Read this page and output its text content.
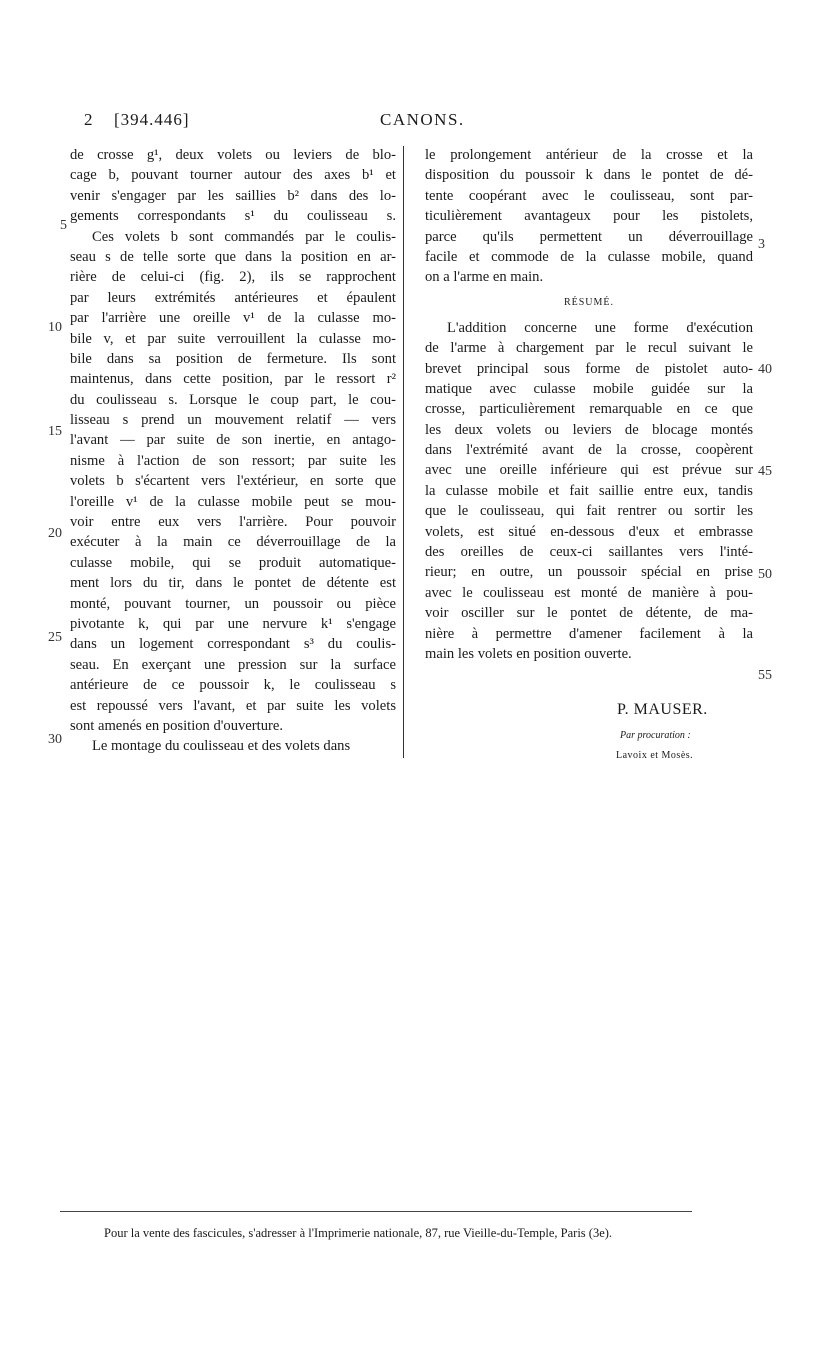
2 [394.446]	CANONS.
de crosse g¹, deux volets ou leviers de blo-
cage b, pouvant tourner autour des axes b¹ et
venir s'engager par les saillies b² dans des lo-
gements correspondants s¹ du coulisseau s.
Ces volets b sont commandés par le coulis-
seau s de telle sorte que dans la position en ar-
rière de celui-ci (fig. 2), ils se rapprochent
par leurs extrémités antérieures et épaulent
par l'arrière une oreille v¹ de la culasse mo-
bile v, et par suite verrouillent la culasse mo-
bile dans sa position de fermeture. Ils sont
maintenus, dans cette position, par le ressort r²
du coulisseau s. Lorsque le coup part, le cou-
lisseau s prend un mouvement relatif — vers
l'avant — par suite de son inertie, en antago-
nisme à l'action de son ressort; par suite les
volets b s'écartent vers l'extérieur, en sorte que
l'oreille v¹ de la culasse mobile peut se mou-
voir entre eux vers l'arrière. Pour pouvoir
exécuter à la main ce déverrouillage de la
culasse mobile, qui se produit automatique-
ment lors du tir, dans le pontet de détente est
monté, pouvant tourner, un poussoir ou pièce
pivotante k, qui par une nervure k¹ s'engage
dans un logement correspondant s³ du coulis-
seau. En exerçant une pression sur la surface
antérieure de ce poussoir k, le coulisseau s
est repoussé vers l'avant, et par suite les volets
sont amenés en position d'ouverture.
Le montage du coulisseau et des volets dans
le prolongement antérieur de la crosse et la
disposition du poussoir k dans le pontet de dé-
tente coopérant avec le coulisseau, sont par-
ticulièrement avantageux pour les pistolets,
parce qu'ils permettent un déverrouillage
facile et commode de la culasse mobile, quand
on a l'arme en main.
RÉSUMÉ.
L'addition concerne une forme d'exécution
de l'arme à chargement par le recul suivant le
brevet principal sous forme de pistolet auto-
matique avec culasse mobile guidée sur la
crosse, particulièrement remarquable en ce que
les deux volets ou leviers de blocage montés
dans l'extrémité avant de la crosse, coopèrent
avec une oreille inférieure qui est prévue sur
la culasse mobile et fait saillie entre eux, tandis
que le coulisseau, qui fait rentrer ou sortir les
volets, est situé en-dessous d'eux et embrasse
des oreilles de ceux-ci saillantes vers l'inté-
rieur; en outre, un poussoir spécial en prise
avec le coulisseau est monté de manière à pou-
voir osciller sur le pontet de détente, de ma-
nière à permettre d'amener facilement à la
main les volets en position ouverte.
5
10
15
20
25
30
3
40
45
50
55
P. MAUSER.
Par procuration :
Lavoix et Mosès.
Pour la vente des fascicules, s'adresser à l'Imprimerie nationale, 87, rue Vieille-du-Temple, Paris (3e).
